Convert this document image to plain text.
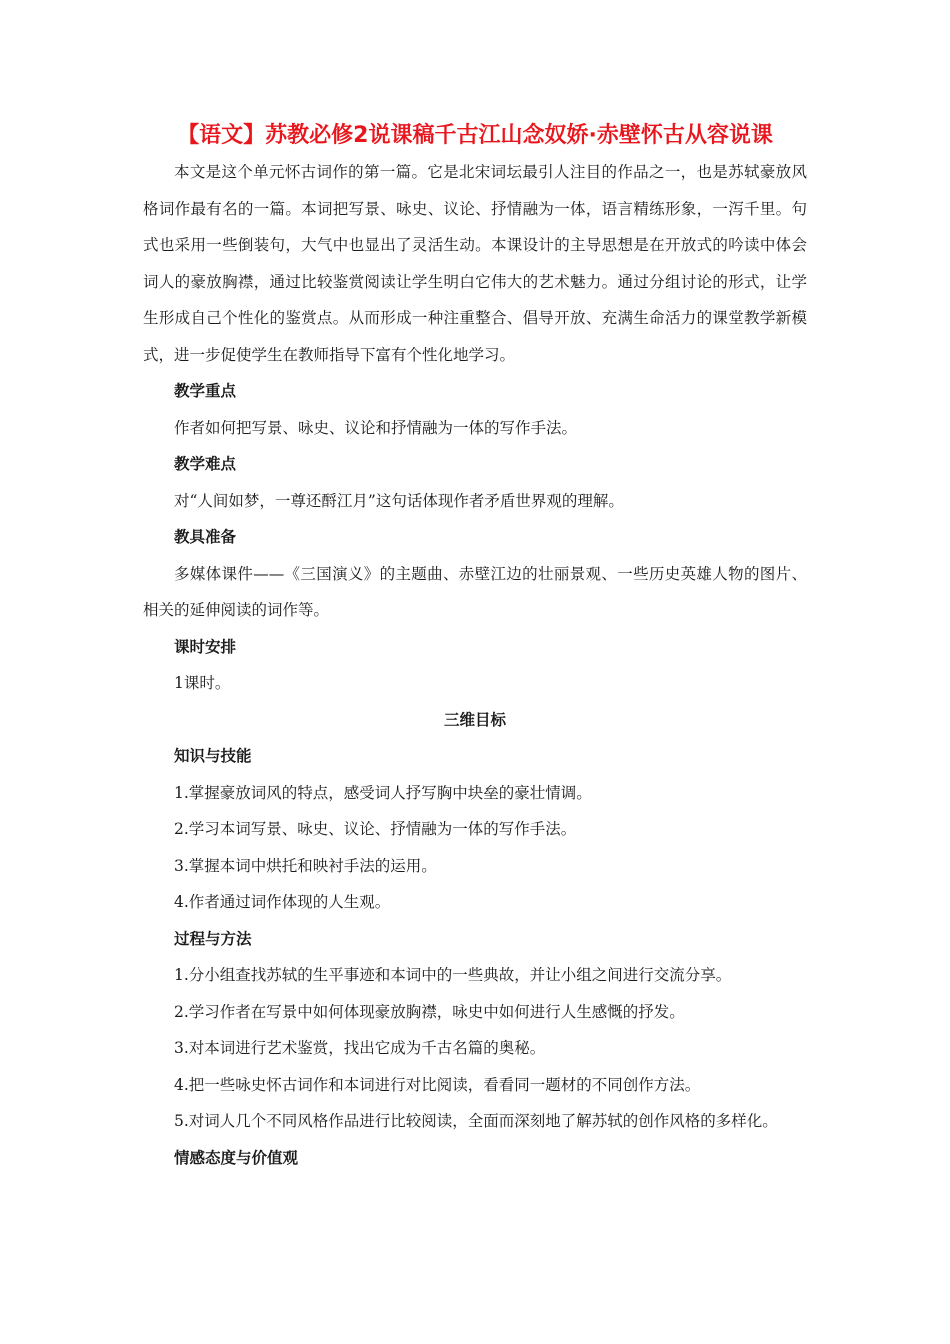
【语文】苏教必修2说课稿千古江山念奴娇·赤壁怀古从容说课

本文是这个单元怀古词作的第一篇。它是北宋词坛最引人注目的作品之一，也是苏轼豪放风格词作最有名的一篇。本词把写景、咏史、议论、抒情融为一体，语言精练形象，一泻千里。句式也采用一些倒装句，大气中也显出了灵活生动。本课设计的主导思想是在开放式的吟读中体会词人的豪放胸襟，通过比较鉴赏阅读让学生明白它伟大的艺术魅力。通过分组讨论的形式，让学生形成自己个性化的鉴赏点。从而形成一种注重整合、倡导开放、充满生命活力的课堂教学新模式，进一步促使学生在教师指导下富有个性化地学习。

教学重点

作者如何把写景、咏史、议论和抒情融为一体的写作手法。

教学难点

对“人间如梦，一尊还酹江月”这句话体现作者矛盾世界观的理解。

教具准备

多媒体课件——《三国演义》的主题曲、赤壁江边的壮丽景观、一些历史英雄人物的图片、相关的延伸阅读的词作等。

课时安排

1课时。

三维目标

知识与技能

1.掌握豪放词风的特点，感受词人抒写胸中块垒的豪壮情调。

2.学习本词写景、咏史、议论、抒情融为一体的写作手法。

3.掌握本词中烘托和映衬手法的运用。

4.作者通过词作体现的人生观。

过程与方法

1.分小组查找苏轼的生平事迹和本词中的一些典故，并让小组之间进行交流分享。

2.学习作者在写景中如何体现豪放胸襟，咏史中如何进行人生感慨的抒发。

3.对本词进行艺术鉴赏，找出它成为千古名篇的奥秘。

4.把一些咏史怀古词作和本词进行对比阅读，看看同一题材的不同创作方法。

5.对词人几个不同风格作品进行比较阅读，全面而深刻地了解苏轼的创作风格的多样化。

情感态度与价值观
